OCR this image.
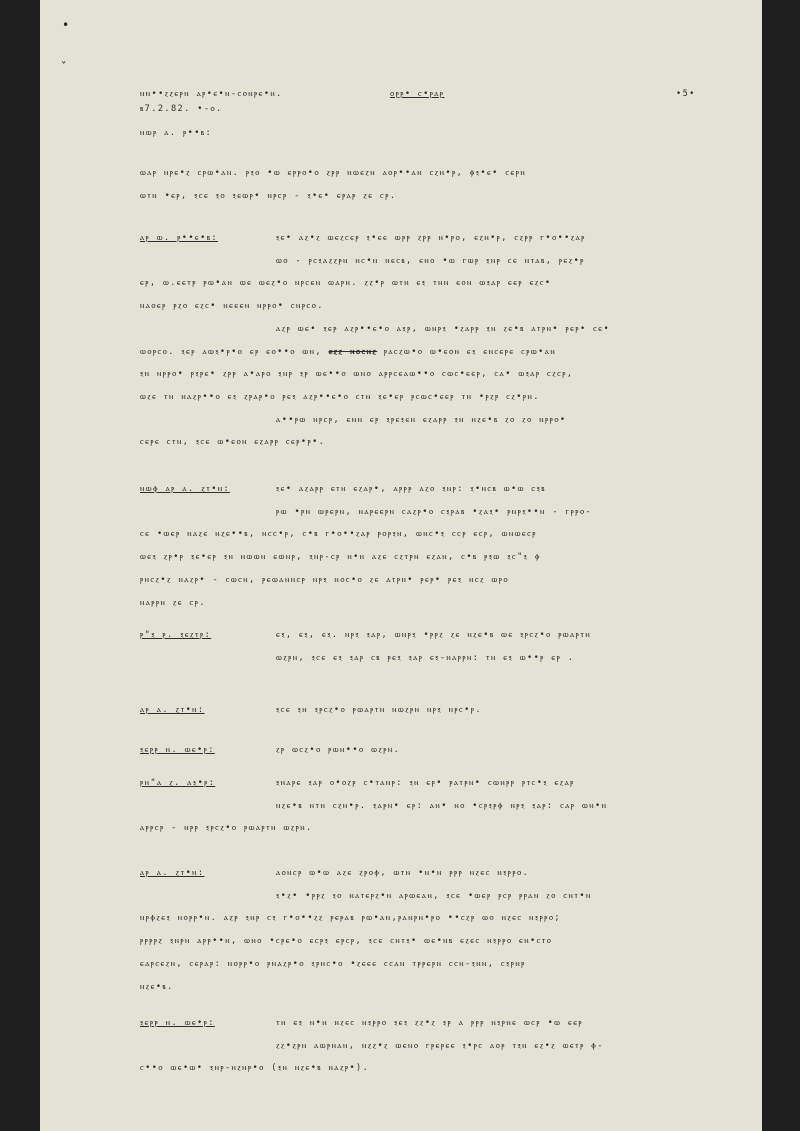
•
ˇ
ⲛⲛ••ⲍⲍⲉⲣⲛ ⲁⲣ•ⲉ•ⲛ-ⲥⲟⲛⲣⲉ•ⲛ.	ⲟⲣⲣ• ⲥ•ⲣⲁⲣ	•5•
ⲃ7.2.82. •-ⲟ.
ⲛⲱⲣ ⲁ. ⲣ••ⲃ:
ⲱⲁⲣ ⲛⲣⲉ•ⲍ ⲥⲣⲱ•ⲁⲛ. ⲣⲝⲟ •ⲱ ⲉⲣⲣⲟ•ⲟ ⲍⲣⲣ ⲛⲱⲉⲍⲛ ⲁⲟⲣ••ⲁⲛ ⲥⲍⲛ•ⲣ, ⲫⲝ•ⲉ• ⲥⲉⲣⲛ
ⲱⲧⲛ •ⲉⲣ, ⲝⲥⲉ ⲝⲟ ⲝⲉⲱⲣ• ⲛⲣⲥⲣ - ⲝ•ⲉ• ⲉⲣⲁⲣ ⲍⲉ ⲥⲣ.
ⲁⲣ ⲱ. ⲣ••ⲉ•ⲃ:	ⲝⲉ• ⲁⲍ•ⲍ ⲱⲉⲍⲥⲉⲣ ⲝ•ⲉⲉ ⲱⲣⲣ ⲍⲣⲣ ⲛ•ⲣⲟ, ⲉⲍⲛ•ⲣ, ⲥⲍⲣⲣ ⲅ•ⲟ••ⲍⲁⲣ
ⲱⲟ - ⲣⲥⲝⲁⲍⲍⲣⲛ ⲛⲥ•ⲛ ⲛⲉⲥⲃ, ⲉⲛⲟ •ⲱ ⲅⲱⲣ ⲝⲛⲣ ⲥⲉ ⲛⲧⲁⲃ, ⲣⲉⲍ•ⲣ
ⲉⲣ, ⲱ.ⲉⲉⲧⲣ ⲣⲱ•ⲁⲛ ⲱⲉ ⲱⲉⲍ•ⲟ ⲛⲣⲥⲉⲛ ⲱⲁⲣⲛ. ⲍⲍ•ⲣ ⲱⲧⲛ ⲉⲝ ⲧⲛⲛ ⲉⲟⲛ ⲱⲝⲁⲣ ⲉⲉⲣ ⲉⲍⲥ•
ⲛⲁⲟⲉⲣ ⲣⲍⲟ ⲉⲍⲥ• ⲛⲉⲉⲉⲛ ⲛⲣⲣⲟ• ⲥⲛⲣⲥⲟ.
ⲁⲍⲣ ⲱⲉ• ⲝⲉⲣ ⲁⲍⲣ••ⲉ•ⲟ ⲁⲝⲣ, ⲱⲛⲣⲝ •ⲍⲁⲣⲣ ⲝⲛ ⲍⲉ•ⲃ ⲁⲧⲣⲛ• ⲣⲉⲣ• ⲥⲉ•
ⲱⲟⲣⲥⲟ. ⲝⲉⲣ ⲁⲱⲝ•ⲣ•ⲟ ⲉⲣ ⲉⲟ••ⲟ ⲱⲛ, ⲉⲍⲍ ⲛⲟⲥⲛⲍ ⲣⲁⲥⲍⲱ•ⲟ ⲱ•ⲉⲟⲛ ⲉⲝ ⲉⲛⲥⲉⲣⲉ ⲥⲣⲱ•ⲁⲛ
ⲝⲛ ⲛⲣⲣⲟ• ⲣⲝⲣⲉ• ⲍⲣⲣ ⲁ•ⲁⲣⲟ ⲝⲛⲣ ⲝⲣ ⲱⲉ••ⲟ ⲱⲛⲟ ⲁⲣⲣⲥⲉⲁⲱ••ⲟ ⲥⲱⲥ•ⲉⲉⲣ, ⲥⲁ• ⲱⲝⲁⲣ ⲥⲍⲥⲣ,
ⲱⲍⲉ ⲧⲛ ⲛⲁⲍⲣ••ⲟ ⲉⲝ ⲍⲣⲁⲣ•ⲟ ⲣⲉⲝ ⲁⲍⲣ••ⲉ•ⲟ ⲥⲧⲛ ⲝⲉ•ⲉⲣ ⲣⲥⲱⲥ•ⲉⲉⲣ ⲧⲛ •ⲣⲍⲣ ⲥⲍ•ⲣⲛ.
ⲁ••ⲣⲱ ⲛⲣⲥⲣ, ⲉⲛⲛ ⲉⲣ ⲝⲣⲉⲝⲉⲛ ⲉⲍⲁⲣⲣ ⲝⲛ ⲛⲍⲉ•ⲃ ⲍⲟ ⲍⲟ ⲛⲣⲣⲟ•
ⲥⲉⲣⲉ ⲥⲧⲛ, ⲝⲥⲉ ⲱ•ⲉⲟⲛ ⲉⲍⲁⲣⲣ ⲥⲉⲣ•ⲣ•.
ⲛⲱⲫ ⲁⲣ ⲁ. ⲍⲧ•ⲛ:	ⲝⲉ• ⲁⲍⲁⲣⲣ ⲉⲧⲛ ⲉⲍⲁⲣ•, ⲁⲣⲣⲣ ⲁⲍⲟ ⲝⲛⲣ: ⲝ•ⲛⲥⲃ ⲱ•ⲱ ⲥⲝⲃ
ⲣⲱ •ⲣⲛ ⲱⲣⲉⲣⲛ, ⲛⲁⲣⲉⲉⲣⲛ ⲥⲁⲍⲣ•ⲟ ⲥⲝⲣⲁⲃ •ⲍⲁⲝ• ⲣⲛⲣⲝ••ⲛ - ⲅⲣⲣⲟ-
ⲥⲉ •ⲱⲉⲣ ⲛⲁⲍⲉ ⲛⲍⲉ••ⲃ, ⲛⲥⲥ•ⲣ, ⲥ•ⲃ ⲅ•ⲟ••ⲍⲁⲣ ⲣⲟⲣⲝⲛ, ⲱⲛⲥ•ⲝ ⲥⲥⲣ ⲉⲥⲣ, ⲱⲛⲱⲉⲥⲣ
ⲱⲉⲝ ⲍⲣ•ⲣ ⲝⲉ•ⲉⲣ ⲝⲛ ⲛⲱⲱⲛ ⲉⲱⲛⲣ, ⲝⲛⲣ-ⲥⲣ ⲛ•ⲛ ⲁⲍⲉ ⲥⲍⲧⲣⲛ ⲉⲍⲁⲛ, ⲥ•ⲃ ⲣⲝⲱ ⲝⲥ"ⲝ ⲫ
ⲣⲛⲥⲍ•ⲍ ⲛⲁⲍⲣ• - ⲥⲱⲥⲛ, ⲣⲉⲱⲁⲛⲛⲥⲣ ⲛⲣⲝ ⲛⲟⲥ•ⲟ ⲍⲉ ⲁⲧⲣⲛ• ⲣⲉⲣ• ⲣⲉⲝ ⲛⲥⲍ ⲱⲣⲟ
ⲛⲁⲣⲣⲛ ⲍⲉ ⲥⲣ.
ⲣ"ⲝ ⲣ. ⲝⲉⲍⲧⲣ:	ⲉⲝ, ⲉⲝ, ⲉⲝ. ⲛⲣⲝ ⲝⲁⲣ, ⲱⲛⲣⲝ •ⲣⲣⲍ ⲍⲉ ⲛⲍⲉ•ⲃ ⲱⲉ ⲝⲣⲥⲍ•ⲟ ⲣⲱⲁⲣⲧⲛ
ⲱⲍⲣⲛ, ⲝⲥⲉ ⲉⲝ ⲝⲁⲣ ⲥⲃ ⲣⲉⲝ ⲝⲁⲣ ⲉⲝ-ⲛⲁⲣⲣⲛ: ⲧⲛ ⲉⲝ ⲱ••ⲣ ⲉⲣ .
ⲁⲣ ⲁ. ⲍⲧ•ⲛ:	ⲝⲥⲉ ⲝⲛ ⲝⲣⲥⲍ•ⲟ ⲣⲱⲁⲣⲧⲛ ⲛⲱⲍⲣⲛ ⲛⲣⲝ ⲛⲣⲥ•ⲣ.
ⲝⲉⲣⲣ ⲛ. ⲱⲉ•ⲣ:	ⲍⲣ ⲱⲥⲍ•ⲟ ⲣⲱⲛ••ⲟ ⲱⲍⲣⲛ.
ⲣⲛ"ⲁ ⲍ. ⲁⲝ•ⲣ:	ⲝⲛⲁⲣⲉ ⲝⲁⲣ ⲟ•ⲟⲍⲣ ⲥ•ⲧⲁⲛⲣ: ⲝⲛ ⲉⲣ• ⲣⲁⲧⲣⲛ• ⲥⲱⲛⲣⲣ ⲣⲧⲥ•ⲝ ⲉⲍⲁⲣ
ⲛⲍⲉ•ⲃ ⲛⲧⲛ ⲥⲍⲛ•ⲣ. ⲝⲁⲣⲛ• ⲉⲣ: ⲁⲛ• ⲛⲟ •ⲥⲣⲝⲣⲫ ⲛⲣⲝ ⲝⲁⲣ: ⲥⲁⲣ ⲱⲛ•ⲛ
ⲁⲣⲣⲥⲣ - ⲛⲣⲣ ⲝⲣⲥⲍ•ⲟ ⲣⲱⲁⲣⲧⲛ ⲱⲍⲣⲛ.
ⲁⲣ ⲁ. ⲍⲧ•ⲛ:	ⲁⲟⲛⲥⲣ ⲱ•ⲱ ⲁⲍⲉ ⲍⲣⲟⲫ, ⲱⲧⲛ •ⲛ•ⲛ ⲣⲣⲣ ⲛⲍⲉⲥ ⲛⲝⲣⲣⲟ.
ⲝ•ⲍ• •ⲣⲣⲍ ⲝⲟ ⲛⲁⲧⲉⲣⲍ•ⲛ ⲁⲣⲱⲉⲁⲛ, ⲝⲥⲉ •ⲱⲉⲣ ⲣⲥⲣ ⲣⲣⲁⲛ ⲍⲟ ⲥⲛⲧ•ⲛ
ⲛⲣⲫⲍⲉⲝ ⲛⲟⲣⲣ•ⲛ. ⲁⲍⲣ ⲝⲛⲣ ⲥⲝ ⲅ•ⲟ••ⲍⲍ ⲣⲉⲣⲁⲃ ⲣⲱ•ⲁⲛ,ⲣⲁⲛⲣⲛ•ⲣⲟ ••ⲥⲍⲣ ⲱⲟ ⲛⲍⲉⲥ ⲛⲝⲣⲣⲟ;
ⲣⲣⲣⲣⲍ ⲝⲛⲣⲛ ⲁⲣⲣ••ⲛ, ⲱⲛⲟ •ⲥⲣⲉ•ⲟ ⲉⲥⲣⲝ ⲉⲣⲥⲣ, ⲝⲥⲉ ⲥⲛⲧⲝ• ⲱⲉ•ⲛⲃ ⲉⲍⲉⲥ ⲛⲝⲣⲣⲟ ⲉⲛ•ⲥⲧⲟ
ⲉⲁⲣⲥⲉⲍⲛ, ⲥⲉⲣⲁⲣ: ⲛⲟⲣⲣ•ⲟ ⲣⲛⲁⲍⲣ•ⲟ ⲝⲣⲛⲥ•ⲟ •ⲍⲉⲉⲉ ⲥⲥⲁⲛ ⲧⲣⲣⲉⲣⲛ ⲥⲥⲛ-ⲝⲛⲛ, ⲥⲝⲣⲛⲣ
ⲛⲍⲉ•ⲃ.
ⲝⲉⲣⲣ ⲛ. ⲱⲉ•ⲣ:	ⲧⲛ ⲉⲝ ⲛ•ⲛ ⲛⲍⲉⲥ ⲛⲝⲣⲣⲟ ⲝⲉⲝ ⲍⲍ•ⲍ ⲝⲣ ⲁ ⲣⲣⲣ ⲛⲝⲣⲛⲉ ⲱⲥⲣ •ⲱ ⲉⲉⲣ
ⲍⲍ•ⲍⲣⲛ ⲁⲱⲣⲛⲁⲛ, ⲛⲍⲍ•ⲍ ⲱⲉⲛⲟ ⲅⲣⲉⲣⲉⲉ ⲝ•ⲣⲥ ⲁⲟⲣ ⲧⲝⲛ ⲉⲍ•ⲍ ⲱⲉⲧⲣ ⲫ-
ⲥ••ⲟ ⲱⲉ•ⲱ• ⲝⲛⲣ-ⲛⲍⲛⲣ•ⲟ (ⲝⲛ ⲛⲍⲉ•ⲃ ⲛⲁⲍⲣ•).
